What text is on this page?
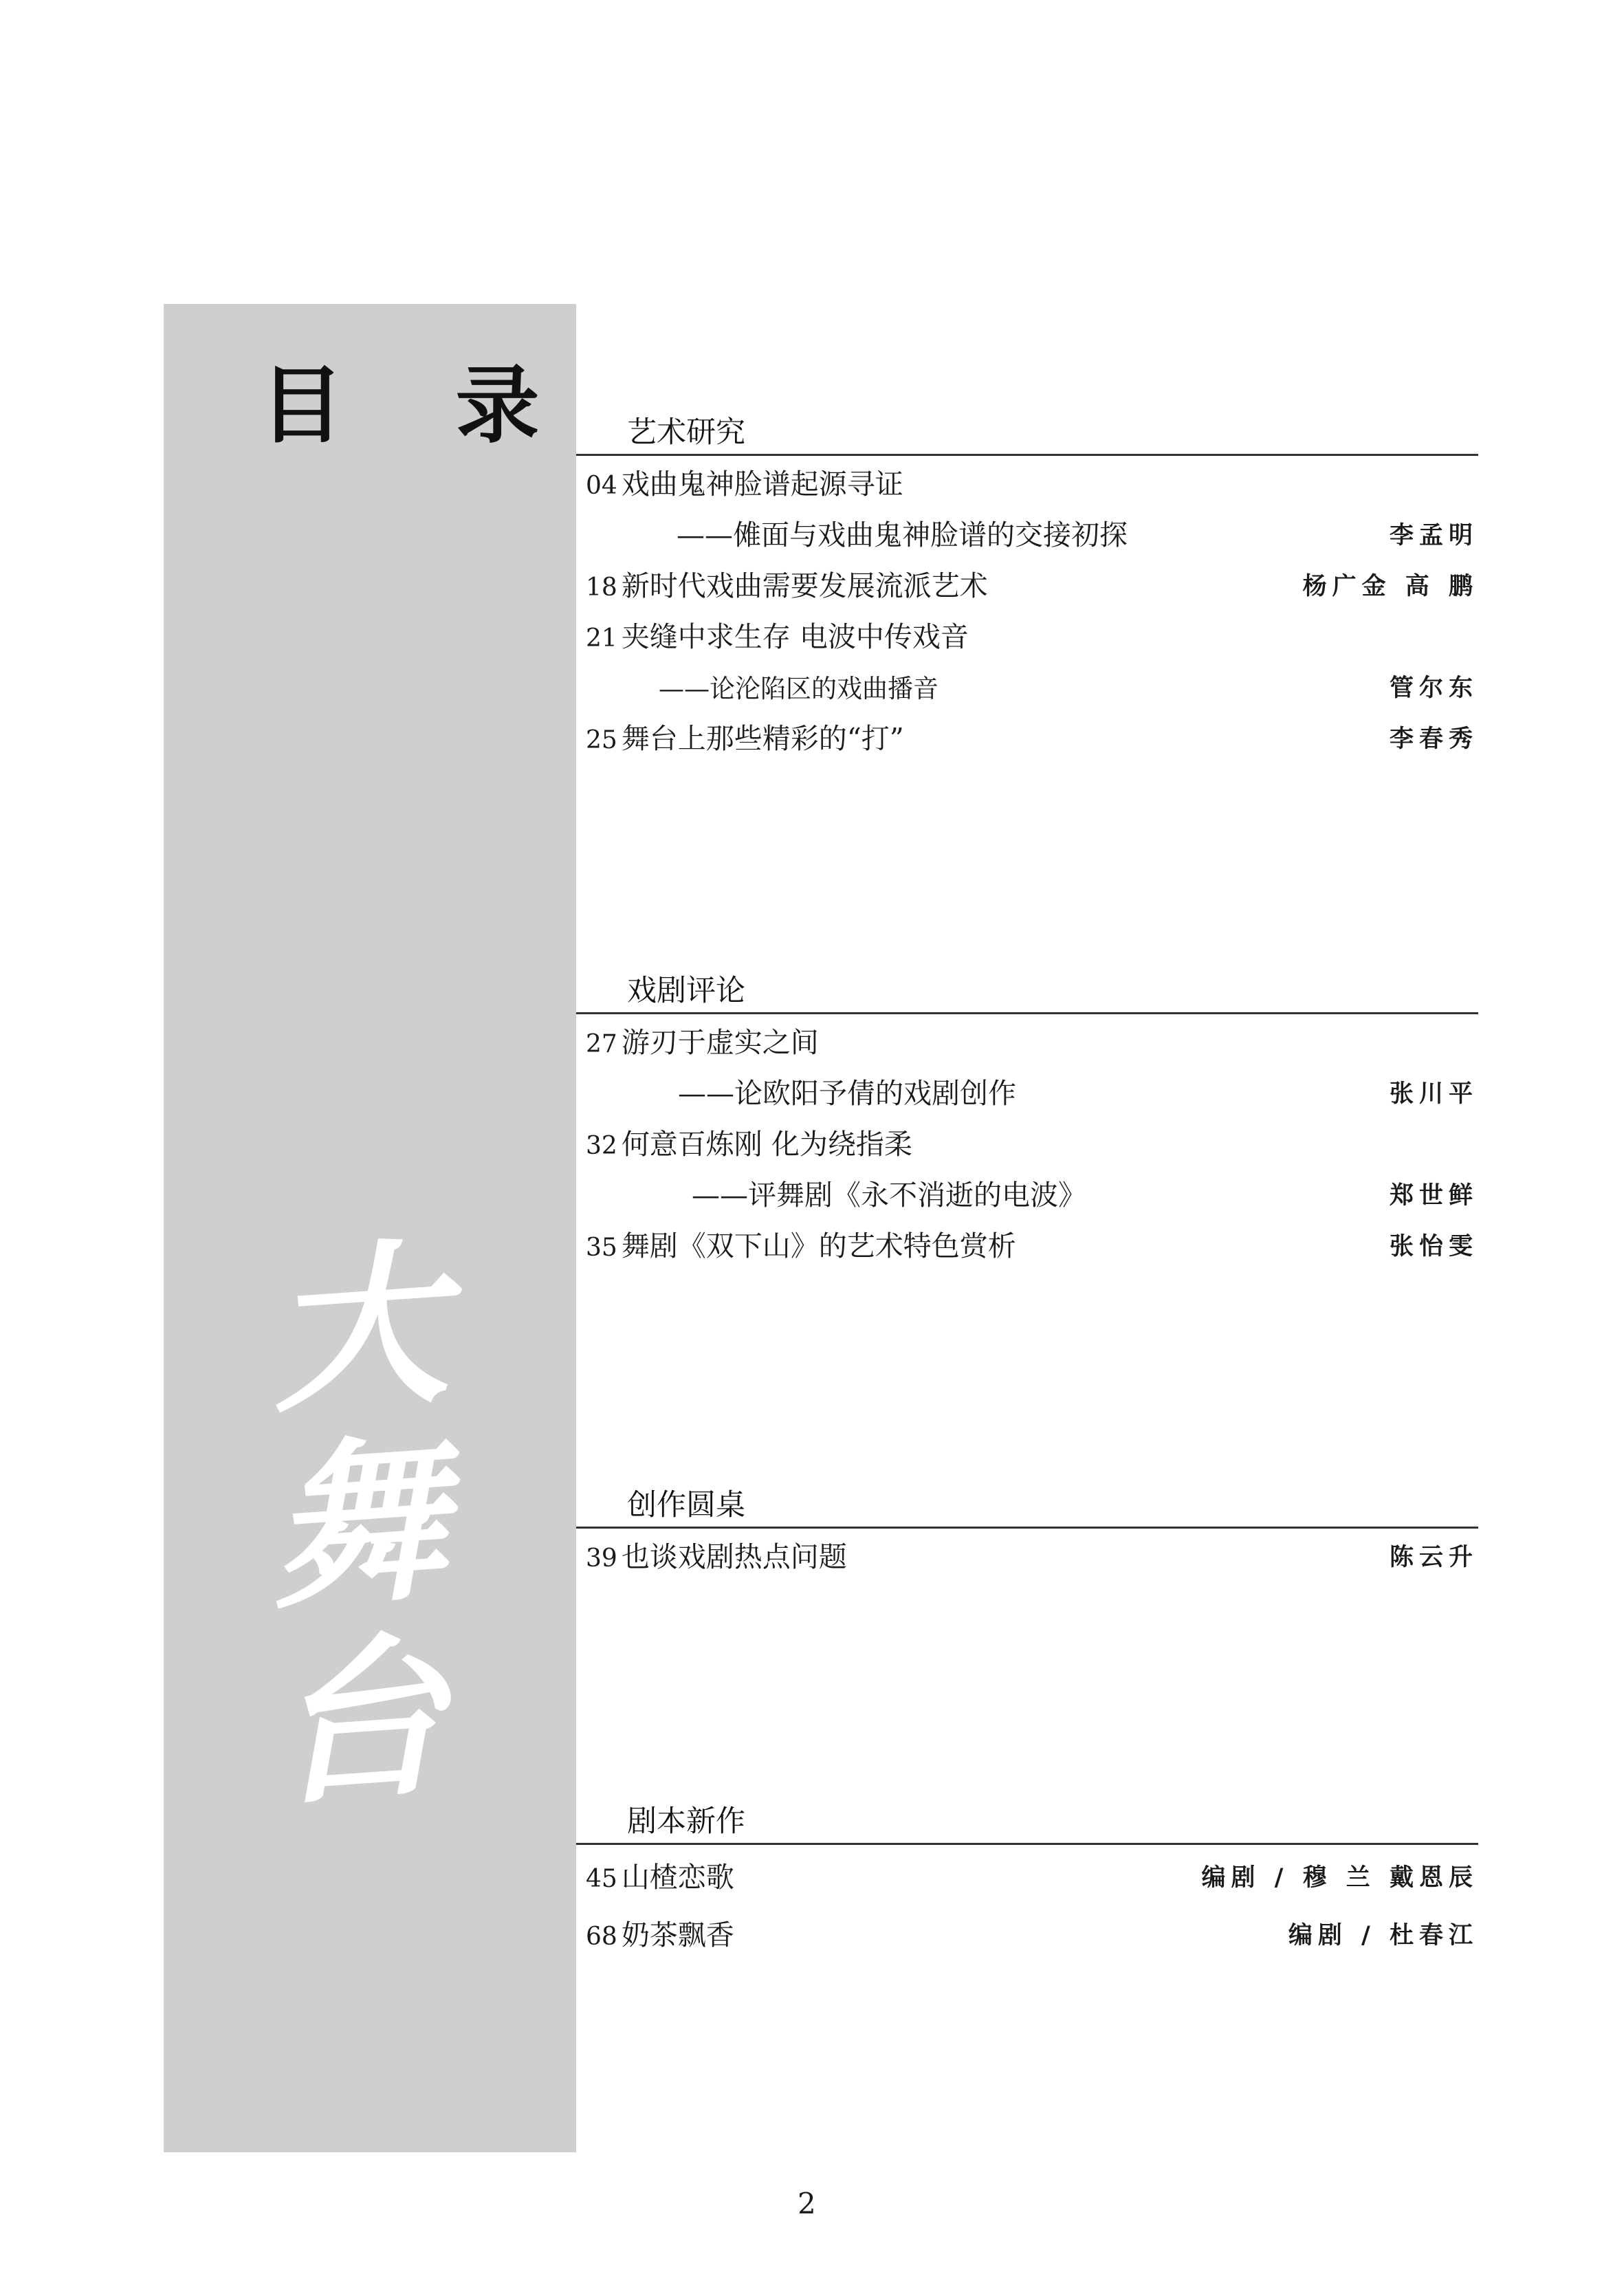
目 录
大
舞
台
艺术研究
04 戏曲鬼神脸谱起源寻证
——傩面与戏曲鬼神脸谱的交接初探	李孟明
18 新时代戏曲需要发展流派艺术	杨广金 高 鹏
21 夹缝中求生存 电波中传戏音
——论沦陷区的戏曲播音	管尔东
25 舞台上那些精彩的“打”	李春秀
戏剧评论
27 游刃于虚实之间
——论欧阳予倩的戏剧创作	张川平
32 何意百炼刚 化为绕指柔
——评舞剧《永不消逝的电波》	郑世鲜
35 舞剧《双下山》的艺术特色赏析	张怡雯
创作圆桌
39 也谈戏剧热点问题	陈云升
剧本新作
45 山楂恋歌	编剧 / 穆 兰 戴恩辰
68 奶茶飘香	编剧 / 杜春江
2
